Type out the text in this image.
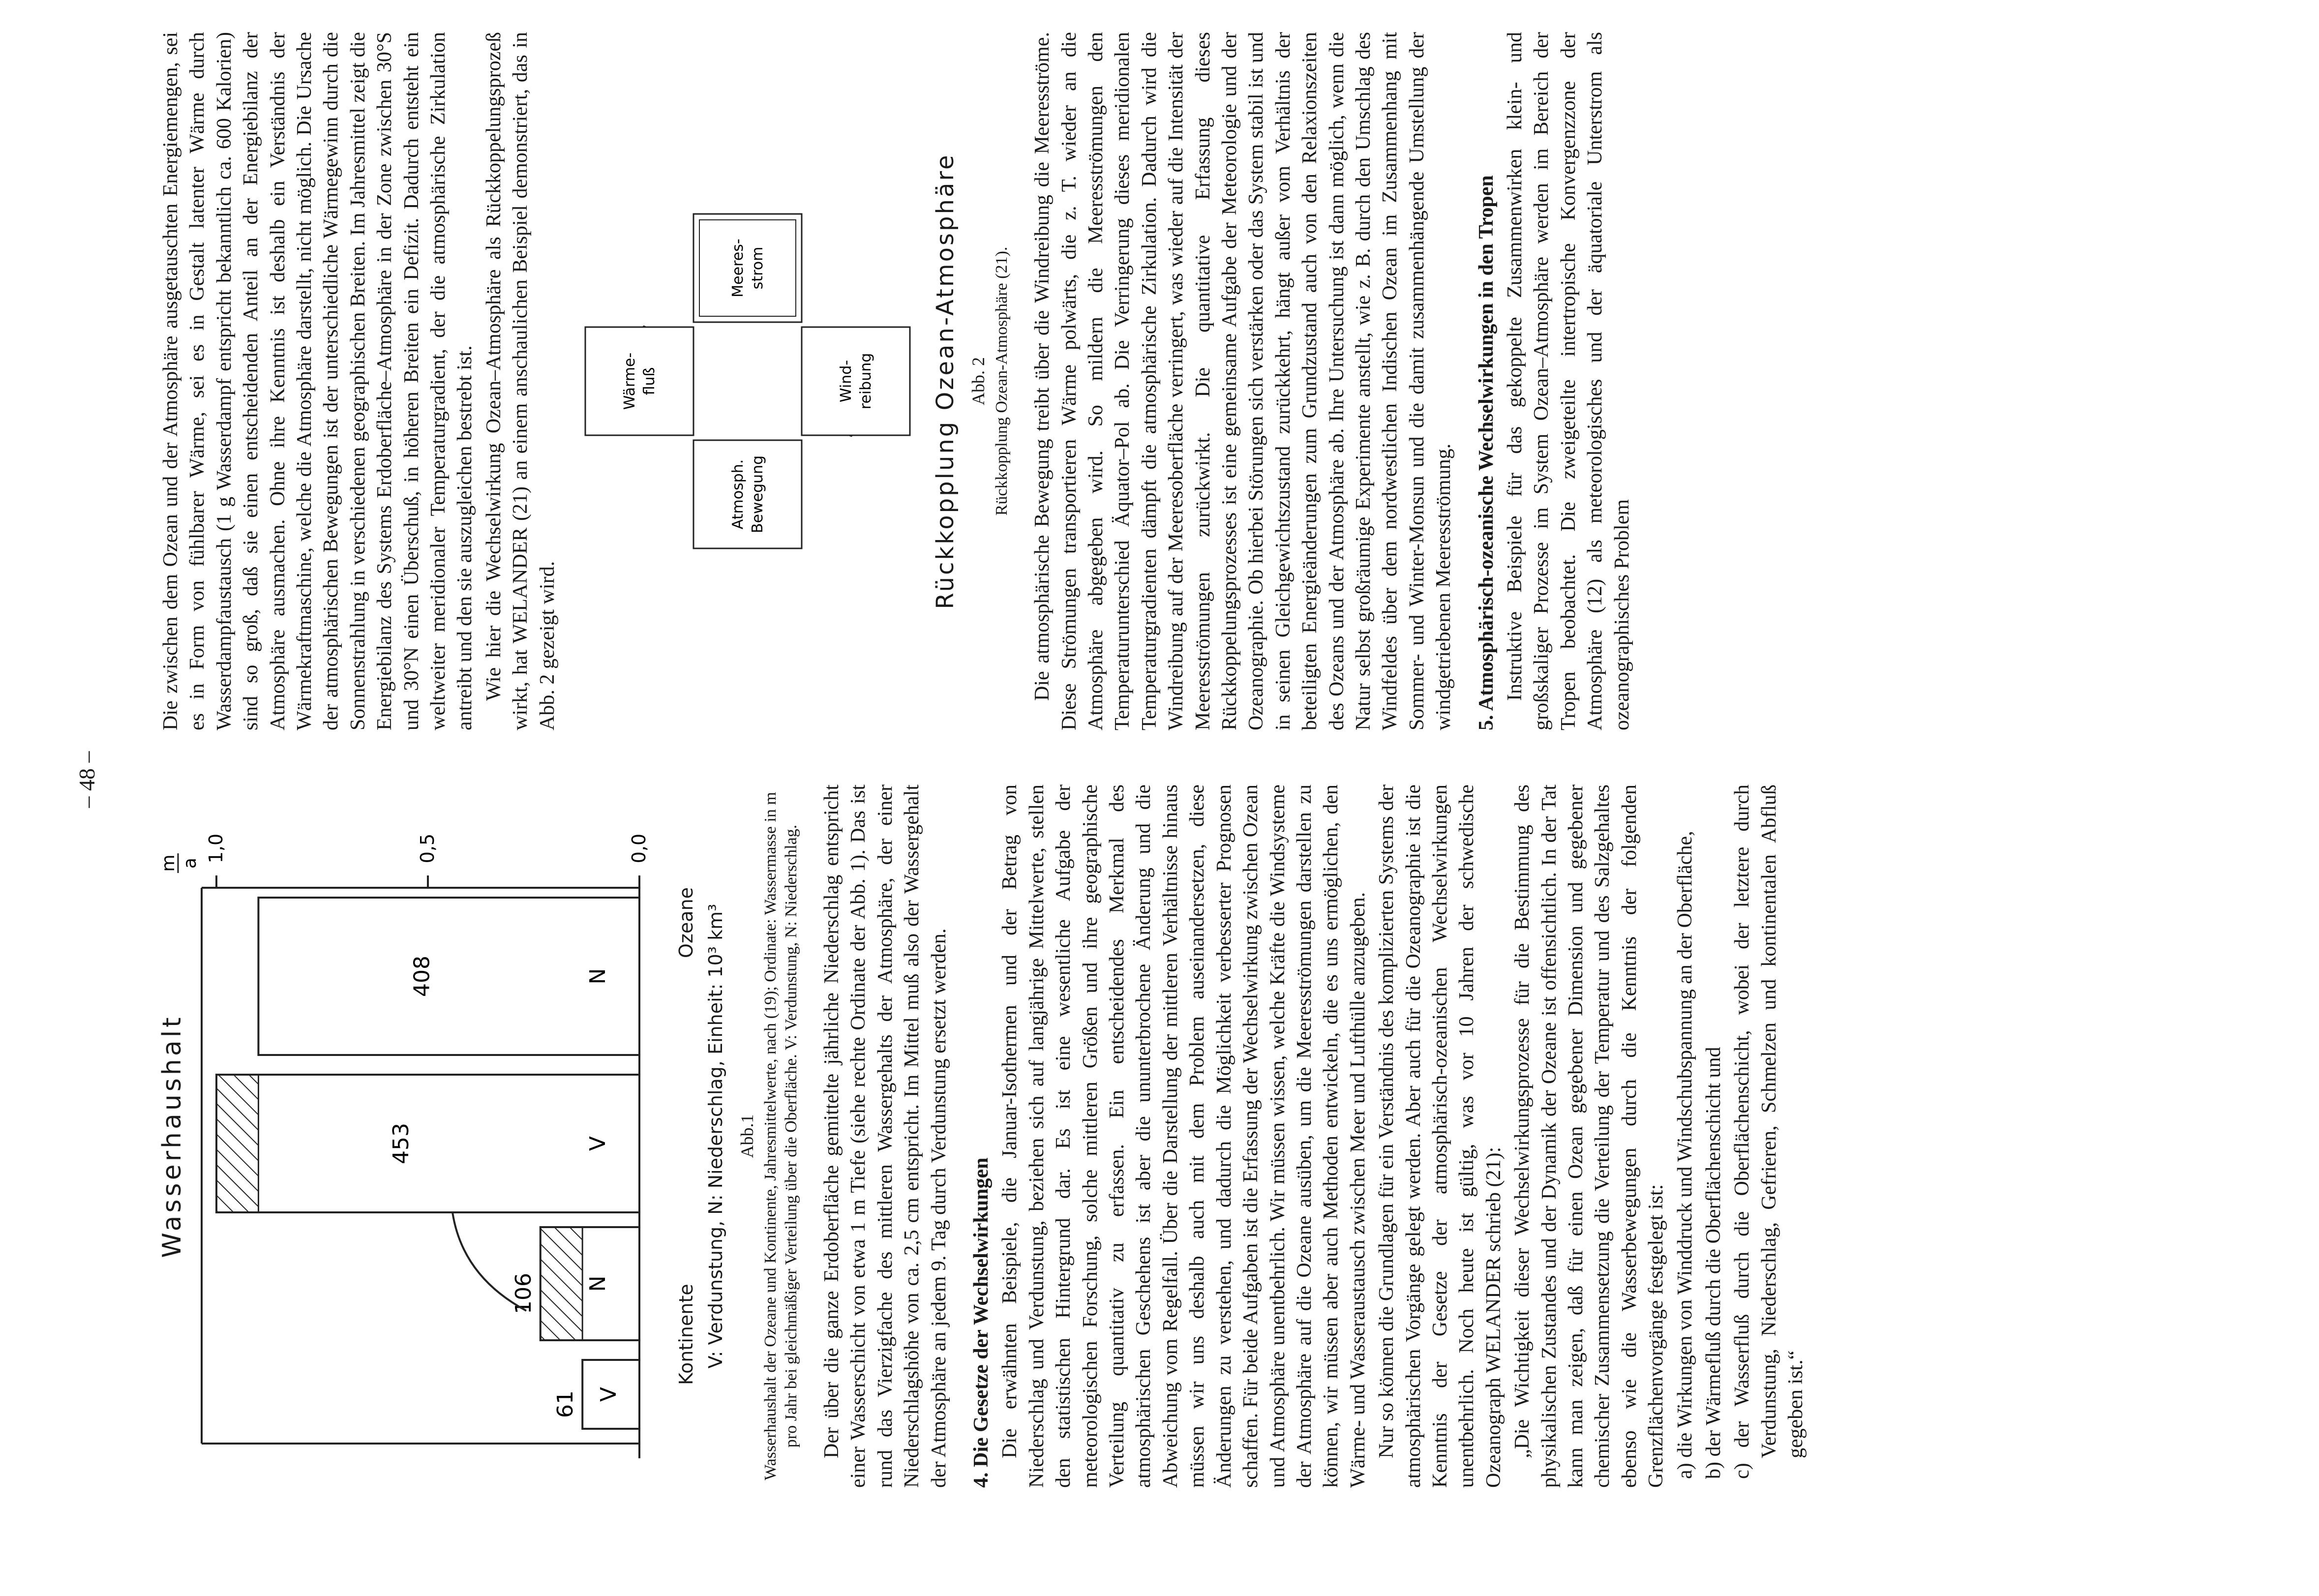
– 48 –
Wasserhaushalt
1,0	0,5	0,0
m a
V
61
N
106
V
453
N
408
Kontinente Ozeane V: Verdunstung, N: Niederschlag, Einheit: 10³ km³ Abb.1 Wasserhaushalt der Ozeane und Kontinente, Jahresmittelwerte, nach (19); Ordinate: Wassermasse in m pro Jahr bei gleichmäßiger Verteilung über die Oberfläche. V: Verdunstung, N: Niederschlag. Der über die ganze Erdoberfläche gemittelte jährliche Niederschlag entspricht einer Wasserschicht von etwa 1 m Tiefe (siehe rechte Ordinate der Abb. 1). Das ist rund das Vierzigfache des mittleren Wassergehalts der Atmosphäre, der einer Niederschlagshöhe von ca. 2,5 cm entspricht. Im Mittel muß also der Wassergehalt der Atmosphäre an jedem 9. Tag durch Verdunstung ersetzt werden. 4. Die Gesetze der Wechselwirkungen Die erwähnten Beispiele, die Januar-Isothermen und der Betrag von Niederschlag und Verdunstung, beziehen sich auf langjährige Mittelwerte, stellen den statistischen Hintergrund dar. Es ist eine wesentliche Aufgabe der meteorologischen Forschung, solche mittleren Größen und ihre geographische Verteilung quantitativ zu erfassen. Ein entscheidendes Merkmal des atmosphärischen Geschehens ist aber die ununterbrochene Änderung und die Abweichung vom Regelfall. Über die Darstellung der mittleren Verhältnisse hinaus müssen wir uns deshalb auch mit dem Problem auseinandersetzen, diese Änderungen zu verstehen, und dadurch die Möglichkeit verbesserter Prognosen schaffen. Für beide Aufgaben ist die Erfassung der Wechselwirkung zwischen Ozean und Atmosphäre unentbehrlich. Wir müssen wissen, welche Kräfte die Windsysteme der Atmosphäre auf die Ozeane ausüben, um die Meeresströmungen darstellen zu können, wir müssen aber auch Methoden entwickeln, die es uns ermöglichen, den Wärme- und Wasseraustausch zwischen Meer und Lufthülle anzugeben. Nur so können die Grundlagen für ein Verständnis des komplizierten Systems der atmosphärischen Vorgänge gelegt werden. Aber auch für die Ozeanographie ist die Kenntnis der Gesetze der atmosphärisch-ozeanischen Wechselwirkungen unentbehrlich. Noch heute ist gültig, was vor 10 Jahren der schwedische Ozeanograph WELANDER schrieb (21): „Die Wichtigkeit dieser Wechselwirkungsprozesse für die Bestimmung des physikalischen Zustandes und der Dynamik der Ozeane ist offensichtlich. In der Tat kann man zeigen, daß für einen Ozean gegebener Dimension und gegebener chemischer Zusammensetzung die Verteilung der Temperatur und des Salzgehaltes ebenso wie die Wasserbewegungen durch die Kenntnis der folgenden Grenzflächenvorgänge festgelegt ist: a) die Wirkungen von Winddruck und Windschubspannung an der Oberfläche, b) der Wärmefluß durch die Oberflächenschicht und c) der Wasserfluß durch die Oberflächenschicht, wobei der letztere durch Verdunstung, Niederschlag, Gefrieren, Schmelzen und kontinentalen Abfluß gegeben ist.“

Die zwischen dem Ozean und der Atmosphäre ausgetauschten Energiemengen, sei es in Form von fühlbarer Wärme, sei es in Gestalt latenter Wärme durch Wasserdampfaustausch (1 g Wasserdampf entspricht bekanntlich ca. 600 Kalorien) sind so groß, daß sie einen entscheidenden Anteil an der Energiebilanz der Atmosphäre ausmachen. Ohne ihre Kenntnis ist deshalb ein Verständnis der Wärmekraftmaschine, welche die Atmosphäre darstellt, nicht möglich. Die Ursache der atmosphärischen Bewegungen ist der unterschiedliche Wärmegewinn durch die Sonnenstrahlung in verschiedenen geographischen Breiten. Im Jahresmittel zeigt die Energiebilanz des Systems Erdoberfläche–Atmosphäre in der Zone zwischen 30°S und 30°N einen Überschuß, in höheren Breiten ein Defizit. Dadurch entsteht ein weltweiter meridionaler Temperaturgradient, der die atmosphärische Zirkulation antreibt und den sie auszugleichen bestrebt ist. Wie hier die Wechselwirkung Ozean–Atmosphäre als Rückkoppelungsprozeß wirkt, hat WELANDER (21) an einem anschaulichen Beispiel demonstriert, das in Abb. 2 gezeigt wird.

Wärme- fluß
Atmosph. Bewegung
Meeres- strom
Wind- reibung Rückkopplung Ozean-Atmosphäre Abb. 2 Rückkopplung Ozean-Atmosphäre (21). Die atmosphärische Bewegung treibt über die Windreibung die Meeresströme. Diese Strömungen transportieren Wärme polwärts, die z. T. wieder an die Atmosphäre abgegeben wird. So mildern die Meeresströmungen den Temperaturunterschied Äquator–Pol ab. Die Verringerung dieses meridionalen Temperaturgradienten dämpft die atmosphärische Zirkulation. Dadurch wird die Windreibung auf der Meeresoberfläche verringert, was wieder auf die Intensität der Meeresströmungen zurückwirkt. Die quantitative Erfassung dieses Rückkoppelungsprozesses ist eine gemeinsame Aufgabe der Meteorologie und der Ozeanographie. Ob hierbei Störungen sich verstärken oder das System stabil ist und in seinen Gleichgewichtszustand zurückkehrt, hängt außer vom Verhältnis der beteiligten Energieänderungen zum Grundzustand auch von den Relaxionszeiten des Ozeans und der Atmosphäre ab. Ihre Untersuchung ist dann möglich, wenn die Natur selbst großräumige Experimente anstellt, wie z. B. durch den Umschlag des Windfeldes über dem nordwestlichen Indischen Ozean im Zusammenhang mit Sommer- und Winter-Monsun und die damit zusammenhängende Umstellung der windgetriebenen Meeresströmung. 5. Atmosphärisch-ozeanische Wechselwirkungen in den Tropen Instruktive Beispiele für das gekoppelte Zusammenwirken klein- und großskaliger Prozesse im System Ozean–Atmosphäre werden im Bereich der Tropen beobachtet. Die zweigeteilte intertropische Konvergenzzone der Atmosphäre (12) als meteorologisches und der äquatoriale Unterstrom als ozeanographisches Problem
